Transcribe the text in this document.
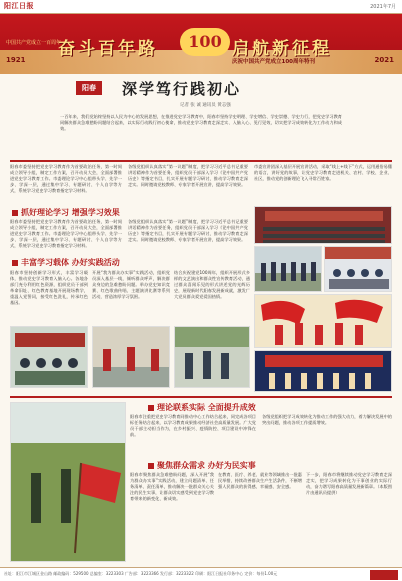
阳江日报	2021年7月
中国共产党成立一百周年
奋斗百年路	100 启航新征程
1921	庆祝中国共产党成立100周年特刊	2021
阳春	深学笃行践初心
记者 张 诚 通讯员 黄志强
一百年来，我们党始终坚持以人民为中心的发展思想，在推进党史学习教育中，阳春市坚持学史明理、学史增信、学史崇德、学史力行，把党史学习教育同解决群众急难愁盼问题结合起来，以实际行动践行初心使命，推动党史学习教育走深走实、入脑入心、见行见效，切实把学习成效转化为工作动力和成效。
阳春市委坚持把党史学习教育作为首要政治任务，第一时间成立领导小组，制定工作方案，召开动员大会，全面部署推进党史学习教育工作。市委理论学习中心组带头学、先学一步、学深一层，通过集中学习、专题研讨、个人自学等方式，系统学习党史学习教育指定学习材料。
各级党组织认真落实“第一议题”制度，把学习习近平总书记重要讲话精神作为首要任务，组织党员干部深入学习《论中国共产党历史》等指定书目，扎实开展专题学习研讨，推动学习教育走深走实。同时邀请党校教师、专家学者开展宣讲，提高学习效果。
市委宣讲团深入基层开展宣讲活动，采取“线上+线下”方式，运用通俗易懂的语言，讲好党的故事，让党史学习教育走进机关、农村、学校、企业、社区，推动党的创新理论飞入寻常百姓家。
抓好理论学习 增强学习效果
阳春市委坚持把党史学习教育作为首要政治任务，第一时间成立领导小组，制定工作方案，召开动员大会，全面部署推进党史学习教育工作。市委理论学习中心组带头学、先学一步、学深一层，通过集中学习、专题研讨、个人自学等方式，系统学习党史学习教育指定学习材料。
各级党组织认真落实“第一议题”制度，把学习习近平总书记重要讲话精神作为首要任务，组织党员干部深入学习《论中国共产党历史》等指定书目，扎实开展专题学习研讨，推动学习教育走深走实。同时邀请党校教师、专家学者开展宣讲，提高学习效果。
丰富学习载体 办好实践活动
阳春市坚持创新学习形式，丰富学习载体，推动党史学习教育入脑入心。各地各部门充分利用红色资源，组织党员干部到革命旧址、红色教育基地开展现场教学，重温入党誓词，接受红色洗礼，传承红色基因。
开展“我为群众办实事”实践活动，组织党员深入基层一线，倾听群众呼声，解决群众身边的急难愁盼问题。举办党史知识竞赛、红色歌曲传唱、主题演讲比赛等系列活动，营造浓厚学习氛围。
结合庆祝建党100周年，组织开展形式多样的文艺演出和群众性宣传教育活动，通过群众喜闻乐见的形式讲述党的光辉历史，展现新时代阳春发展新成就，激发广大党员群众爱党爱国热情。
理论联系实际 全面提升成效
阳春市注重把党史学习教育同推动中心工作结合起来，同完成各项目标任务结合起来，以学习教育成果推动经济社会高质量发展。广大党员干部主动担当作为，在乡村振兴、疫情防控、项目建设中冲锋在前。
各级党组织把学习成效转化为推动工作的强大动力，着力解决发展中的突出问题，推动各项工作提质增效。
聚焦群众需求 办好为民实事
阳春市聚焦群众急难愁盼问题，深入开展“我为群众办实事”实践活动，建立问题清单、任务清单、责任清单，推动解决一批群众关心关注的民生实事，让群众切实感受到党史学习教育带来的新变化、新成效。
在教育、医疗、养老、就业等领域推出一批惠民举措，持续改善群众生产生活条件，不断增强人民群众的获得感、幸福感、安全感。
下一步，阳春市将继续推动党史学习教育走深走实，把学习成果转化为干事创业的实际行动，奋力谱写阳春高质量发展新篇章。（本版图片由通讯员提供）
社址：阳江市江城区金山路 邮政编码：529500 总编室：3223303 广告部：3223366 发行部：3223322 印刷：阳江日报社印务中心 定价：每份1.00元
